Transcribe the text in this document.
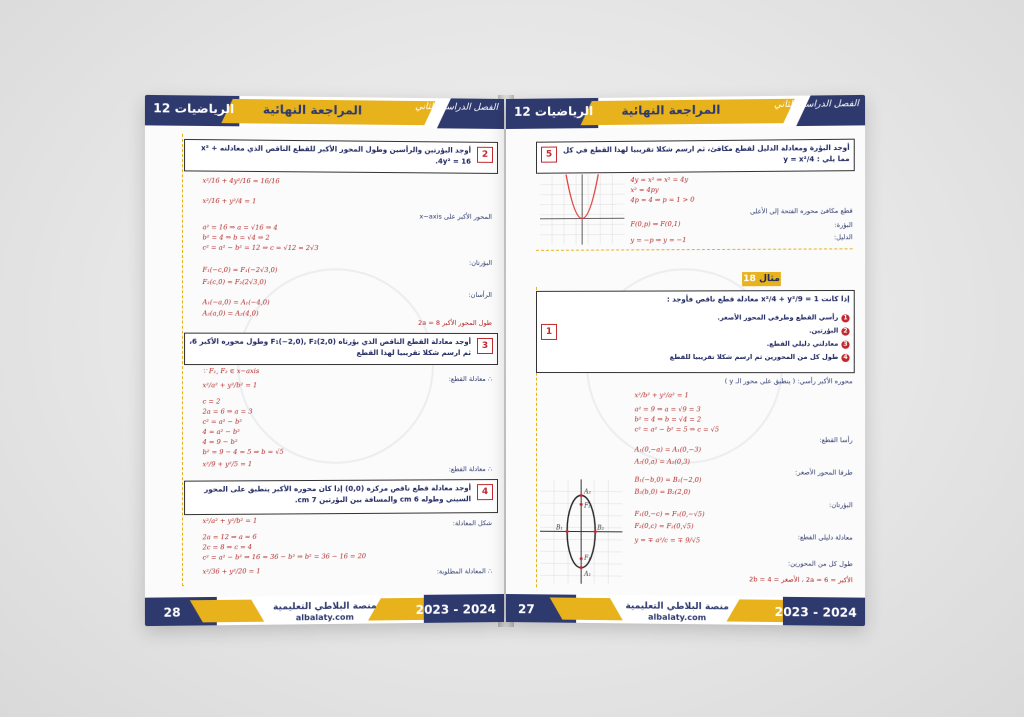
الرياضيات 12 المراجعة النهائية	الفصل الدراسي الثاني
2
أوجد البؤرتين والرأسين وطول المحور الأكبر للقطع الناقص الذي معادلته x² + 4y² = 16.
x²/16 + 4y²/16 = 16/16
x²/16 + y²/4 = 1
المحور الأكبر على x−axis
a² = 16 ⇒ a = √16 ⇒ 4
b² = 4 ⇒ b = √4 ⇒ 2
c² = a² − b² = 12 ⇒ c = √12 = 2√3
البؤرتان:
F₁(−c,0) = F₁(−2√3,0)
F₂(c,0) = F₂(2√3,0)
الرأسان:
A₁(−a,0) = A₁(−4,0)
A₂(a,0) = A₂(4,0)
طول المحور الأكبر 8 = 2a
3
أوجد معادلة القطع الناقص الذي بؤرتاه F₁(−2,0), F₂(2,0) وطول محوره الأكبر 6، ثم ارسم شكلا تقريبيا لهذا القطع
∵ F₁, F₂ ∈ x−axis
∴ معادلة القطع:
x²/a² + y²/b² = 1
c = 2
2a = 6 ⇒ a = 3
c² = a² − b²
4 = a² − b²
4 = 9 − b²
b² = 9 − 4 = 5 ⇒ b = √5
x²/9 + y²/5 = 1
∴ معادلة القطع:
4
أوجد معادلة قطع ناقص مركزه (0,0) إذا كان محوره الأكبر ينطبق على المحور السيني وطوله 6 cm والمسافة بين البؤرتين 7 cm.
x²/a² + y²/b² = 1	شكل المعادلة:
2a = 12 ⇒ a = 6
2c = 8 ⇒ c = 4
c² = a² − b² ⇒ 16 = 36 − b² ⇒ b² = 36 − 16 = 20
x²/36 + y²/20 = 1	∴ المعادلة المطلوبة:
28	منصة البلاطي التعليمية
albalaty.com
2023 - 2024
الرياضيات 12 المراجعة النهائية	الفصل الدراسي الثاني
5
أوجد البؤرة ومعادلة الدليل لقطع مكافئ، ثم ارسم شكلا تقريبيا لهذا القطع في كل مما يلي : y = x²/4
قطع مكافئ محوره الفتحة إلى الأعلى
البؤرة:
الدليل:
4y = x² ⇒ x² = 4y
x² = 4py
4p = 4 ⇒ p = 1 > 0
F(0,p) ⇒ F(0,1)
y = −p ⇒ y = −1
مثال 18
1
إذا كانت x²/4 + y²/9 = 1 معادلة قطع ناقص فأوجد :
1رأسي القطع وطرفي المحور الأصغر.
2البؤرتين.
3معادلتي دليلي القطع.
4طول كل من المحورين ثم ارسم شكلا تقريبيا للقطع
محوره الأكبر رأسي: ( ينطبق على محور الـ y )
x²/b² + y²/a² = 1
a² = 9 ⇒ a = √9 = 3
b² = 4 ⇒ b = √4 = 2
c² = a² − b² = 5 ⇒ c = √5
رأسا القطع:
A₁(0,−a) = A₁(0,−3)
A₂(0,a) = A₂(0,3)
طرفا المحور الأصغر:
B₁(−b,0) = B₁(−2,0)
B₂(b,0) = B₂(2,0)
البؤرتان:
F₁(0,−c) = F₁(0,−√5)
F₂(0,c) = F₂(0,√5)
معادلة دليلي القطع:
y = ∓ a²/c = ∓ 9/√5
طول كل من المحورين:
الأكبر = 2a = 6 ، الأصغر = 2b = 4
A₂
A₁
B₁	B₂
F₂
F₁
27	منصة البلاطي التعليمية
albalaty.com	2023 - 2024
